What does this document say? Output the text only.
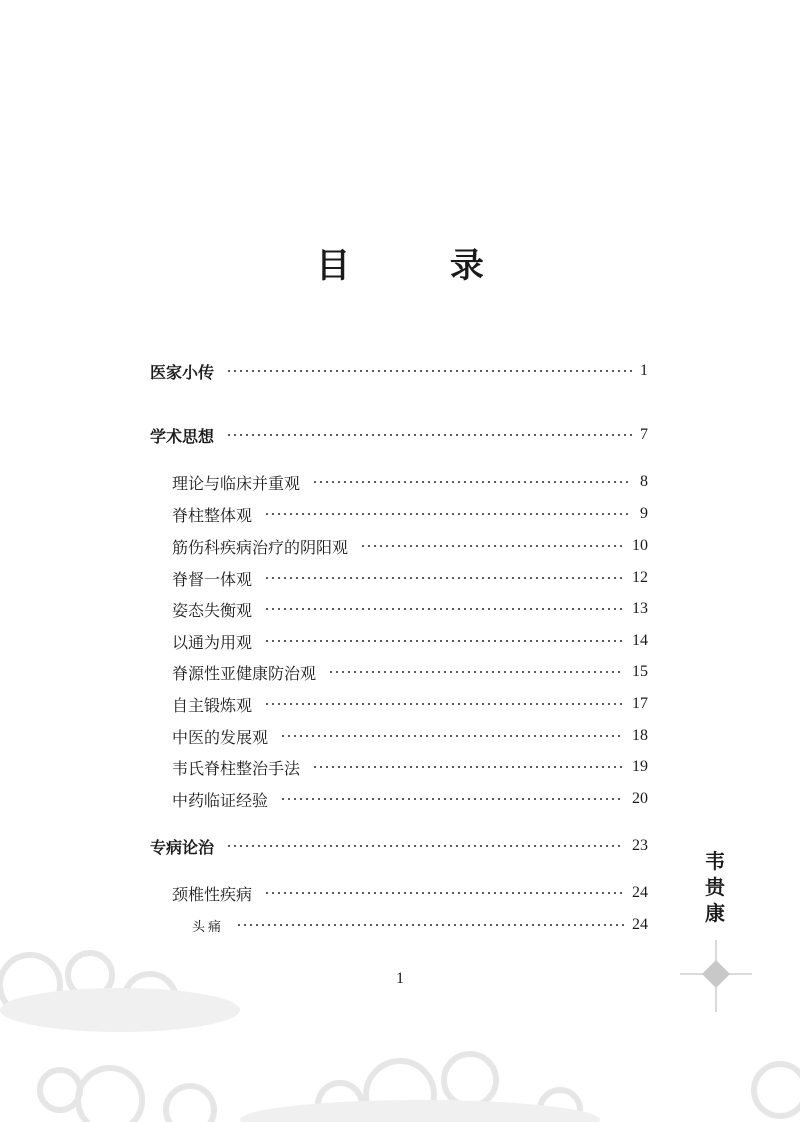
目 录
医家小传	1
学术思想	7
理论与临床并重观	8
脊柱整体观	9
筋伤科疾病治疗的阴阳观	10
脊督一体观	12
姿态失衡观	13
以通为用观	14
脊源性亚健康防治观	15
自主锻炼观	17
中医的发展观	18
韦氏脊柱整治手法	19
中药临证经验	20
专病论治	23
颈椎性疾病	24
头痛	24
韦
贵
康
1
